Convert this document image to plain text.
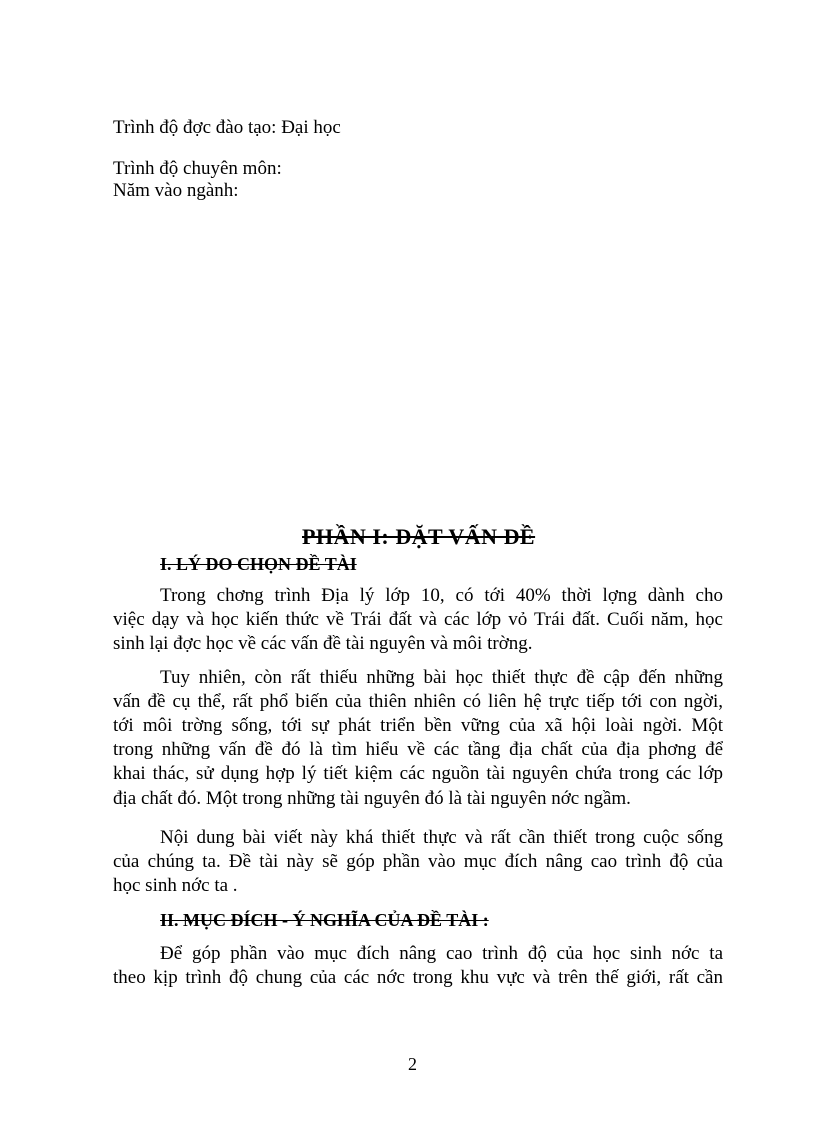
Trình độ đợc đào tạo: Đại học
Trình độ chuyên môn:
Năm vào ngành:
PHẦN I: ĐẶT VẤN ĐỀ
I. LÝ DO CHỌN ĐỀ TÀI
Trong chơng trình Địa lý lớp 10, có tới 40% thời lợng dành cho
việc dạy và học kiến thức về Trái đất và các lớp vỏ Trái đất. Cuối năm, học
sinh lại đợc học về các vấn đề tài nguyên và môi trờng.
Tuy nhiên, còn rất thiếu những bài học thiết thực đề cập đến những
vấn đề cụ thể, rất phổ biến của thiên nhiên có liên hệ trực tiếp tới con ngời,
tới môi trờng sống, tới sự phát triển bền vững của xã hội loài ngời. Một
trong những vấn đề đó là tìm hiểu về các tầng địa chất của địa phơng để
khai thác, sử dụng hợp lý tiết kiệm các nguồn tài nguyên chứa trong các lớp
địa chất đó. Một trong những tài nguyên đó là tài nguyên nớc ngầm.
Nội dung bài viết này khá thiết thực và rất cần thiết trong cuộc sống
của chúng ta. Đề tài này sẽ góp phần vào mục đích nâng cao trình độ của
học sinh nớc ta .
II. MỤC ĐÍCH - Ý NGHĨA CỦA ĐỀ TÀI :
Để góp phần vào mục đích nâng cao trình độ của học sinh nớc ta
theo kịp trình độ chung của các nớc trong khu vực và trên thế giới, rất cần
2
